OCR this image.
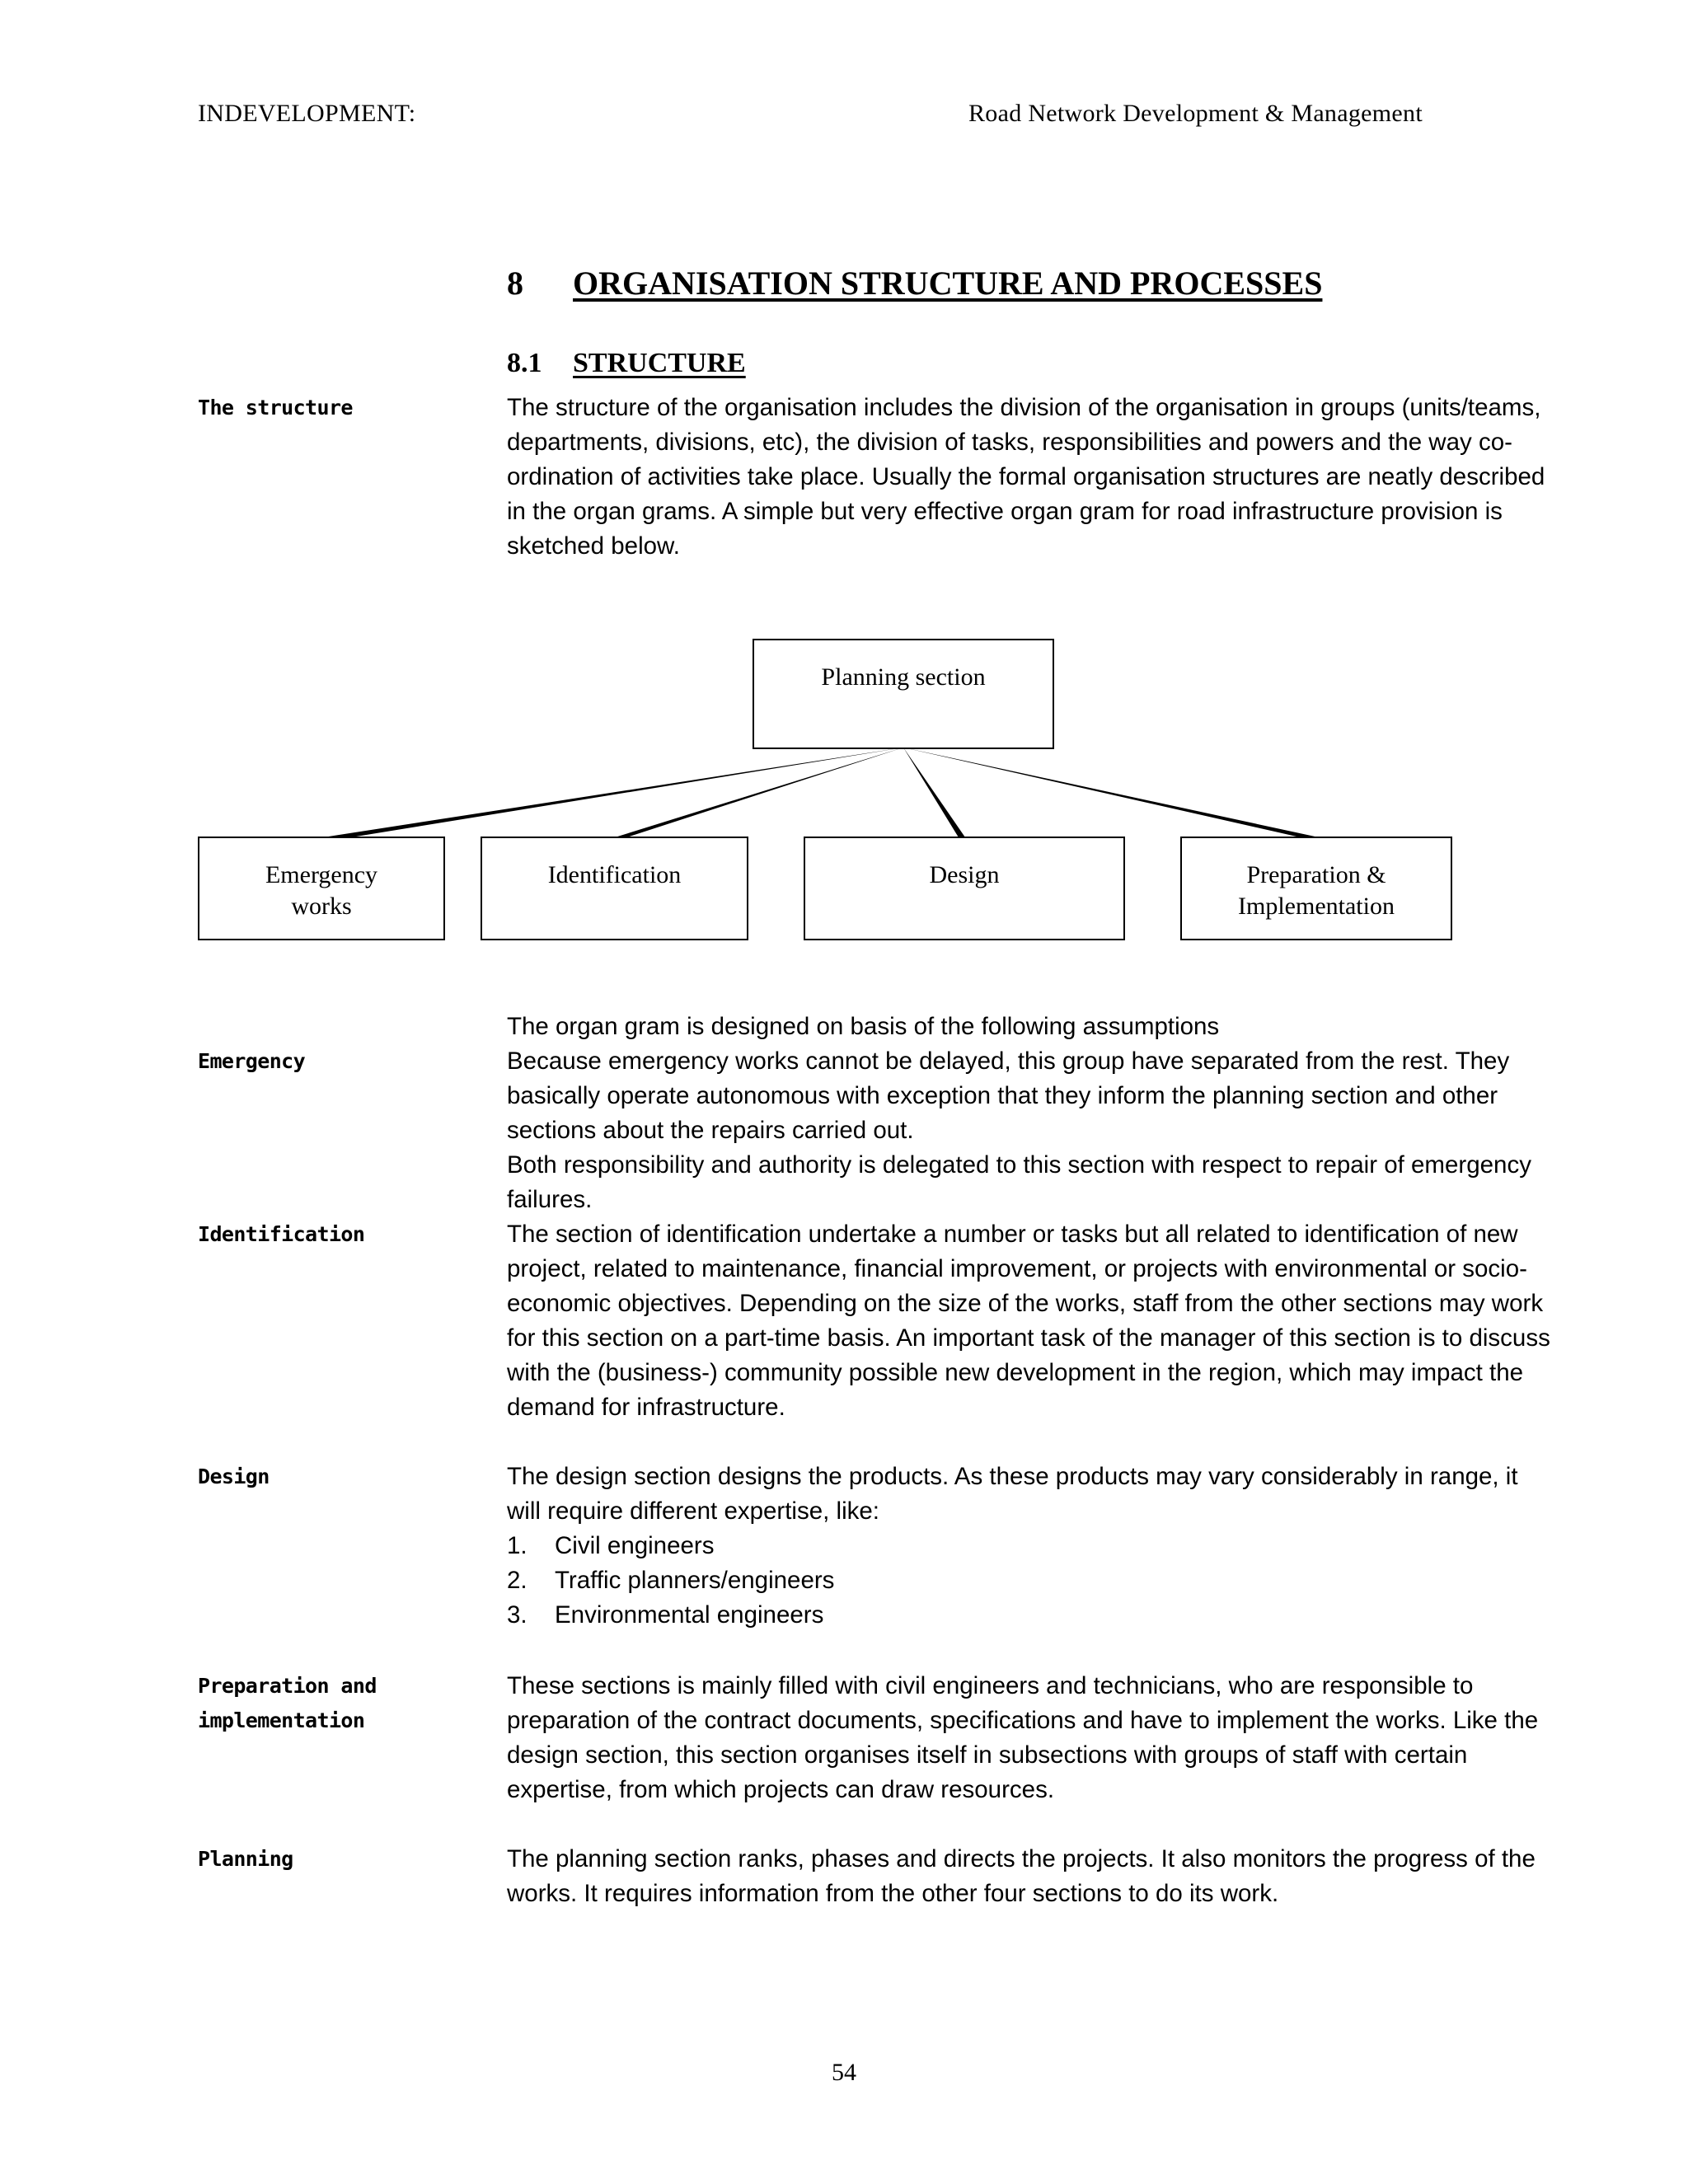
INDEVELOPMENT:	Road Network Development & Management
8 ORGANISATION STRUCTURE AND PROCESSES
8.1 STRUCTURE
The structure	The structure of the organisation includes the division of the organisation in groups (units/teams, departments, divisions, etc), the division of tasks, responsibilities and powers and the way co-ordination of activities take place. Usually the formal organisation structures are neatly described in the organ grams. A simple but very effective organ gram for road infrastructure provision is sketched below.

Planning section
Emergency
works
Identification	Design	Preparation &
Implementation

The organ gram is designed on basis of the following assumptions

Emergency	Because emergency works cannot be delayed, this group have separated from the rest. They basically operate autonomous with exception that they inform the planning section and other sections about the repairs carried out.

Both responsibility and authority is delegated to this section with respect to repair of emergency failures.

Identification	The section of identification undertake a number or tasks but all related to identification of new project, related to maintenance, financial improvement, or projects with environmental or socio-economic objectives. Depending on the size of the works, staff from the other sections may work for this section on a part-time basis. An important task of the manager of this section is to discuss with the (business-) community possible new development in the region, which may impact the demand for infrastructure.

Design	The design section designs the products. As these products may vary considerably in range, it will require different expertise, like:

1. Civil engineers
2. Traffic planners/engineers
3. Environmental engineers
Preparation and
implementation

These sections is mainly filled with civil engineers and technicians, who are responsible to preparation of the contract documents, specifications and have to implement the works. Like the design section, this section organises itself in subsections with groups of staff with certain expertise, from which projects can draw resources.

Planning	The planning section ranks, phases and directs the projects. It also monitors the progress of the works. It requires information from the other four sections to do its work.

54
